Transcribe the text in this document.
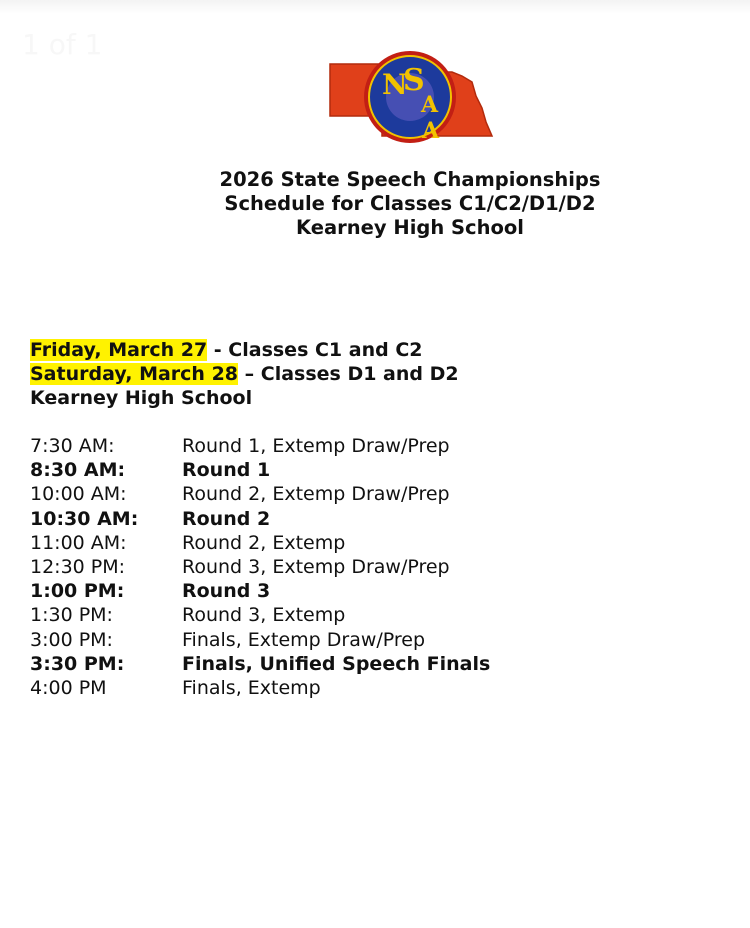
1 of 1
N
S
A
A
2026 State Speech Championships
Schedule for Classes C1/C2/D1/D2
Kearney High School
Friday, March 27 - Classes C1 and C2
Saturday, March 28 – Classes D1 and D2
Kearney High School
7:30 AM:	Round 1, Extemp Draw/Prep
8:30 AM:	Round 1
10:00 AM:	Round 2, Extemp Draw/Prep
10:30 AM:	Round 2
11:00 AM:	Round 2, Extemp
12:30 PM:	Round 3, Extemp Draw/Prep
1:00 PM:	Round 3
1:30 PM:	Round 3, Extemp
3:00 PM:	Finals, Extemp Draw/Prep
3:30 PM:	Finals, Unified Speech Finals
4:00 PM	Finals, Extemp
